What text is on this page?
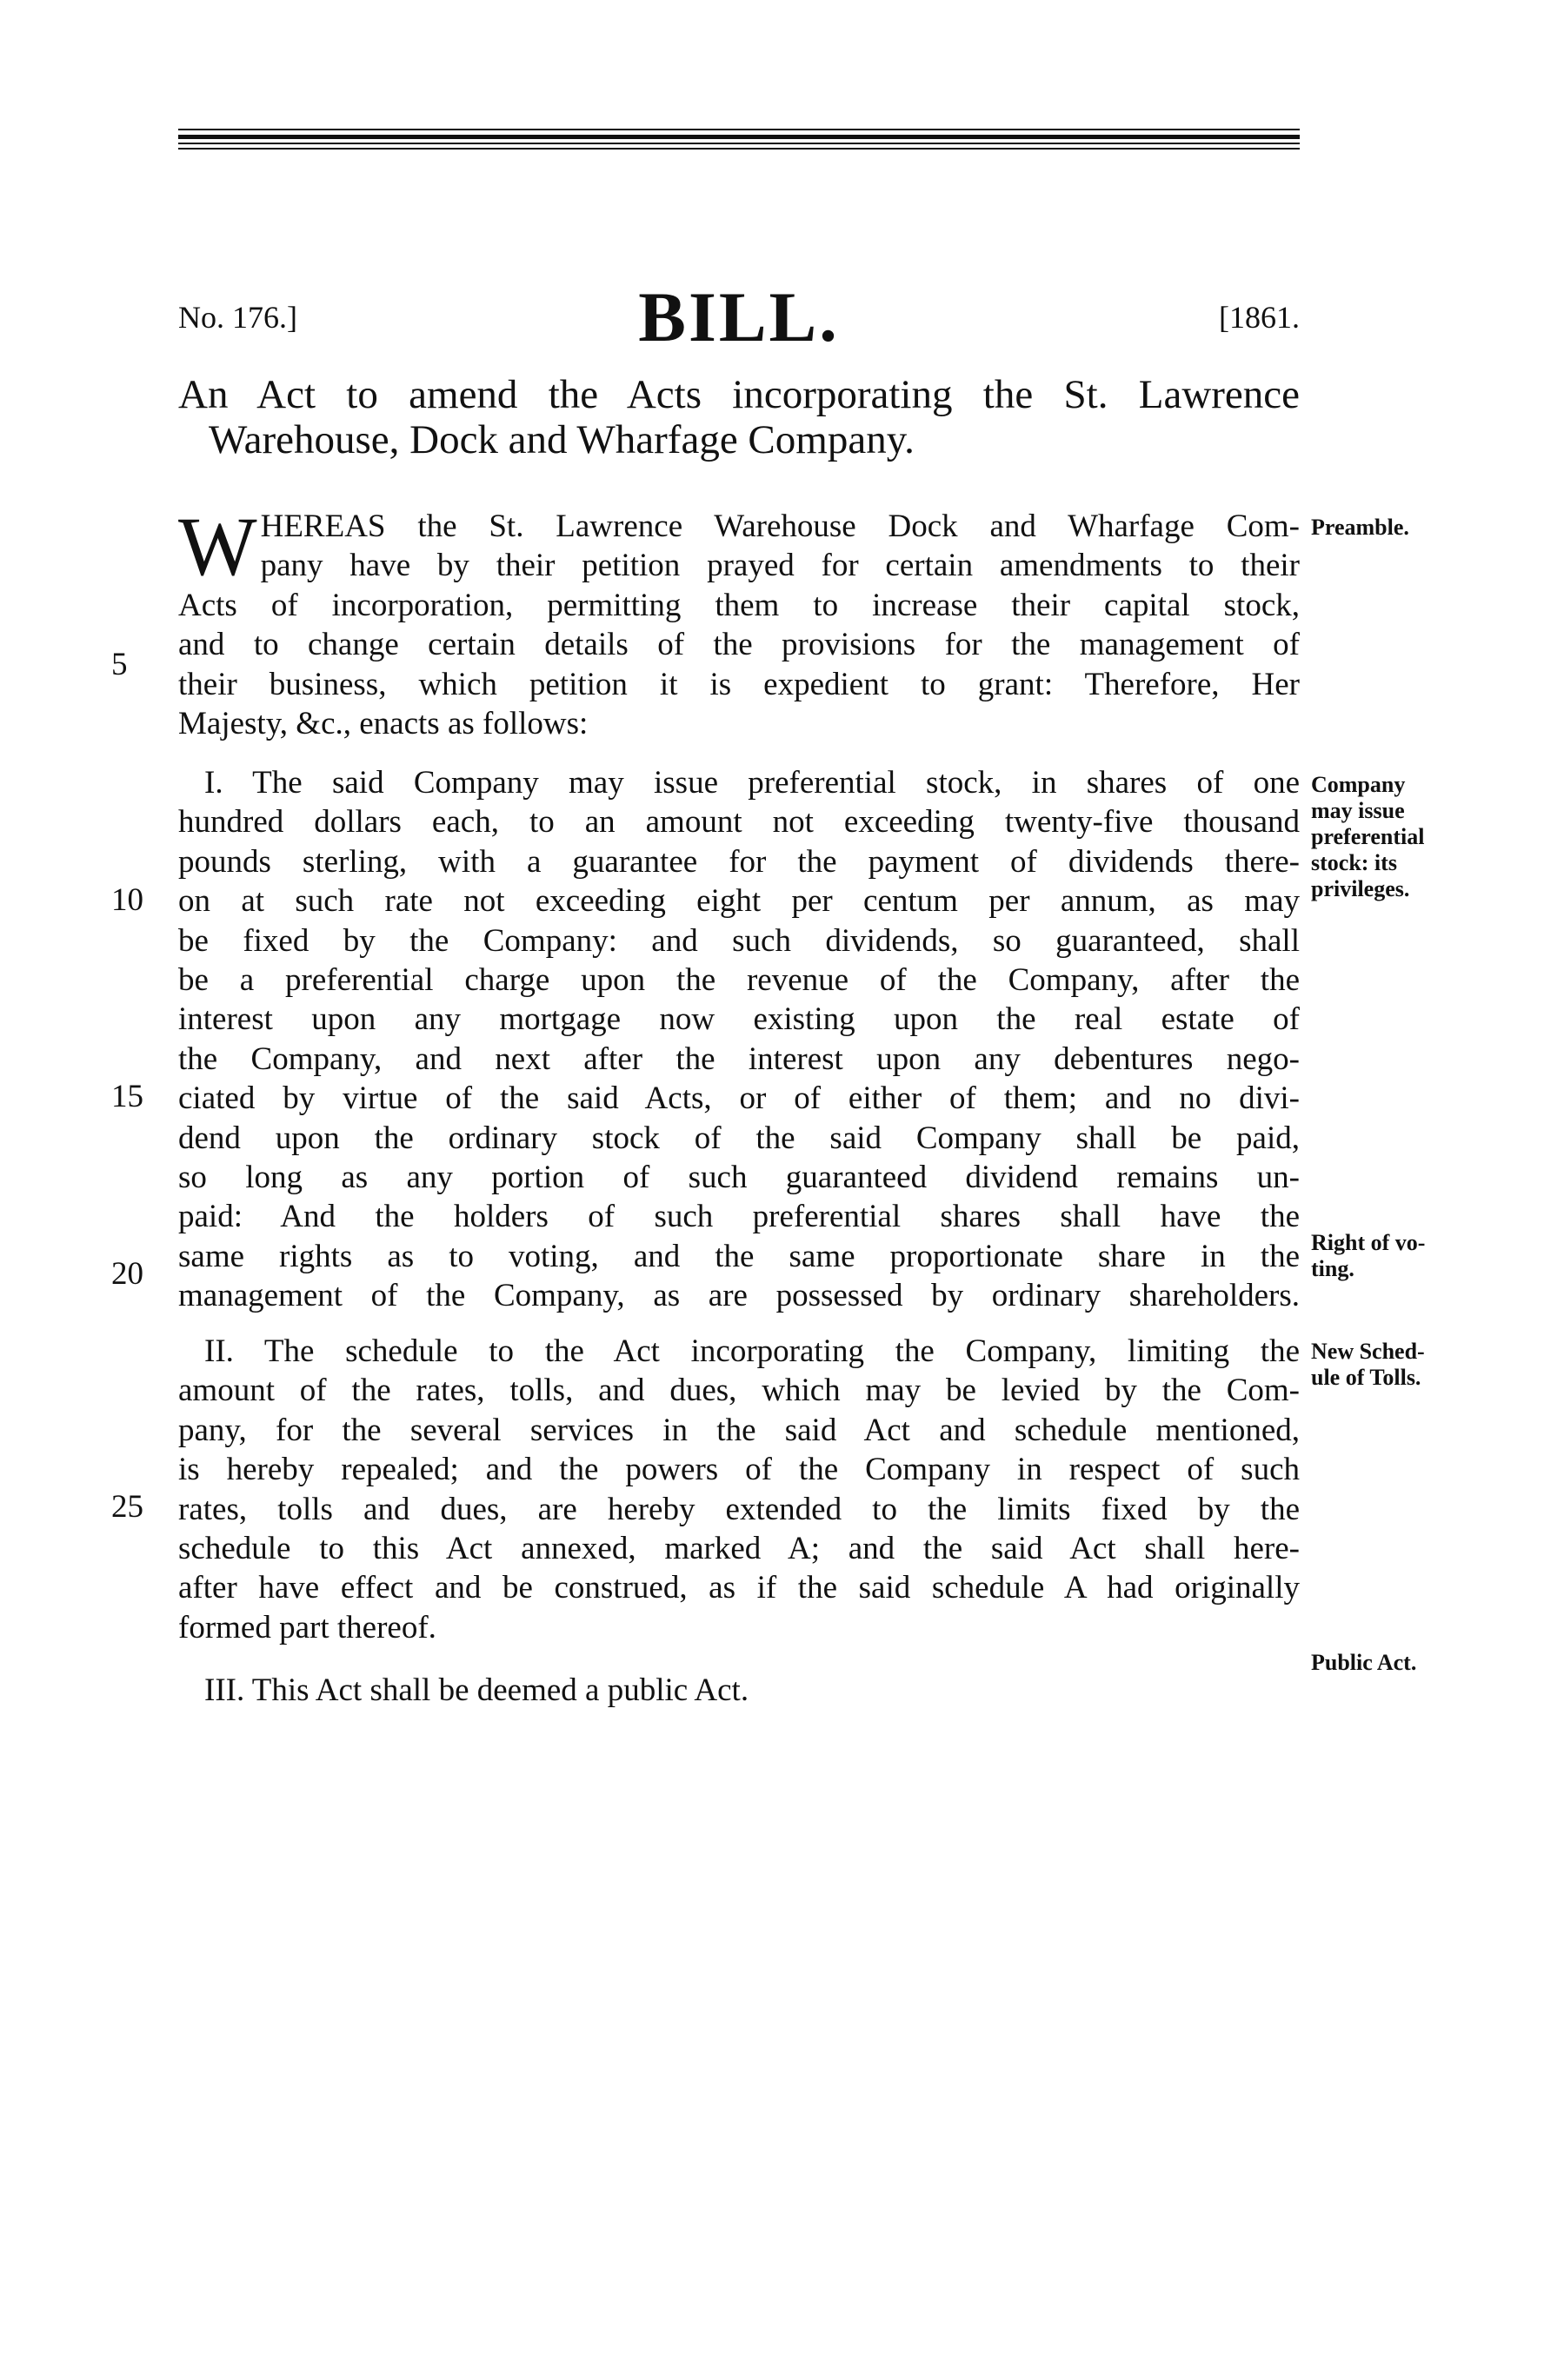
No. 176.]	BILL.	[1861.
An Act to amend the Acts incorporating the St. Lawrence
Warehouse, Dock and Wharfage Company.
W HEREAS the St. Lawrence Warehouse Dock and Wharfage Com-
pany have by their petition prayed for certain amendments to their
Acts of incorporation, permitting them to increase their capital stock,
and to change certain details of the provisions for the management of
their business, which petition it is expedient to grant: Therefore, Her
Majesty, &c., enacts as follows:
I. The said Company may issue preferential stock, in shares of one
hundred dollars each, to an amount not exceeding twenty-five thousand
pounds sterling, with a guarantee for the payment of dividends there-
on at such rate not exceeding eight per centum per annum, as may
be fixed by the Company: and such dividends, so guaranteed, shall
be a preferential charge upon the revenue of the Company, after the
interest upon any mortgage now existing upon the real estate of
the Company, and next after the interest upon any debentures nego-
ciated by virtue of the said Acts, or of either of them; and no divi-
dend upon the ordinary stock of the said Company shall be paid,
so long as any portion of such guaranteed dividend remains un-
paid: And the holders of such preferential shares shall have the
same rights as to voting, and the same proportionate share in the
management of the Company, as are possessed by ordinary shareholders.
II. The schedule to the Act incorporating the Company, limiting the
amount of the rates, tolls, and dues, which may be levied by the Com-
pany, for the several services in the said Act and schedule mentioned,
is hereby repealed; and the powers of the Company in respect of such
rates, tolls and dues, are hereby extended to the limits fixed by the
schedule to this Act annexed, marked A; and the said Act shall here-
after have effect and be construed, as if the said schedule A had originally
formed part thereof.
III. This Act shall be deemed a public Act.
5
10
15
20
25
Preamble.
Company
may issue
preferential
stock: its
privileges.
Right of vo-
ting.
New Sched-
ule of Tolls.
Public Act.
